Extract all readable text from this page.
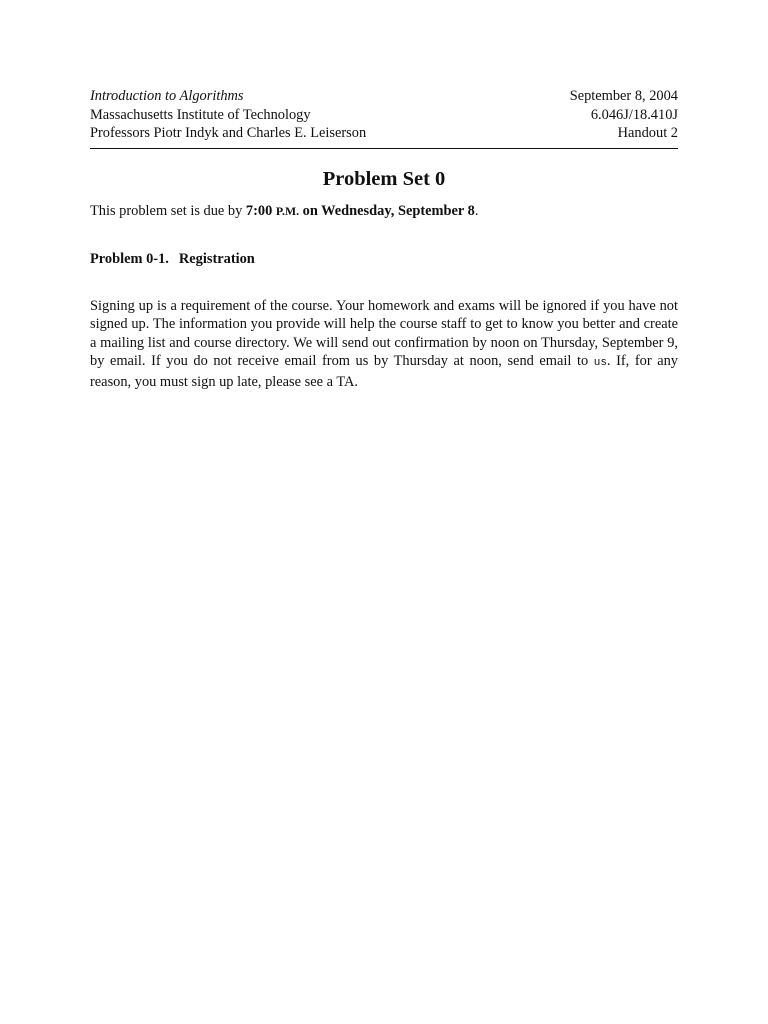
Introduction to Algorithms
Massachusetts Institute of Technology
Professors Piotr Indyk and Charles E. Leiserson
September 8, 2004
6.046J/18.410J
Handout 2
Problem Set 0
This problem set is due by 7:00 P.M. on Wednesday, September 8.
Problem 0-1. Registration
Signing up is a requirement of the course. Your homework and exams will be ignored if you have not signed up. The information you provide will help the course staff to get to know you better and create a mailing list and course directory. We will send out confirmation by noon on Thursday, September 9, by email. If you do not receive email from us by Thursday at noon, send email to us. If, for any reason, you must sign up late, please see a TA.
